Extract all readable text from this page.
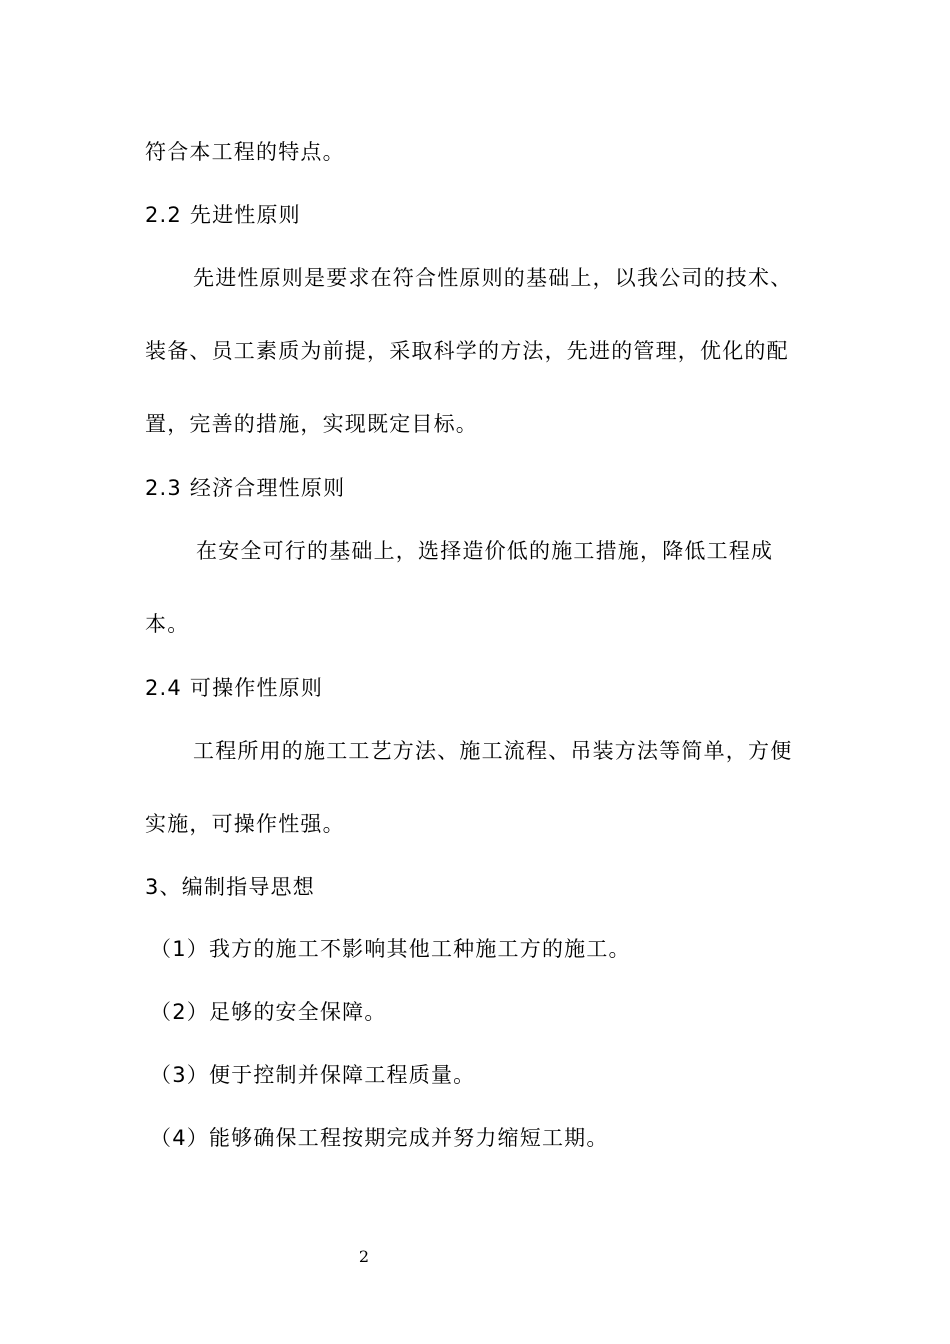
符合本工程的特点。
2.2 先进性原则
先进性原则是要求在符合性原则的基础上，以我公司的技术、
装备、员工素质为前提，采取科学的方法，先进的管理，优化的配
置，完善的措施，实现既定目标。
2.3 经济合理性原则
在安全可行的基础上，选择造价低的施工措施，降低工程成
本。
2.4 可操作性原则
工程所用的施工工艺方法、施工流程、吊装方法等简单，方便
实施，可操作性强。
3、编制指导思想
（1）我方的施工不影响其他工种施工方的施工。
（2）足够的安全保障。
（3）便于控制并保障工程质量。
（4）能够确保工程按期完成并努力缩短工期。
2
